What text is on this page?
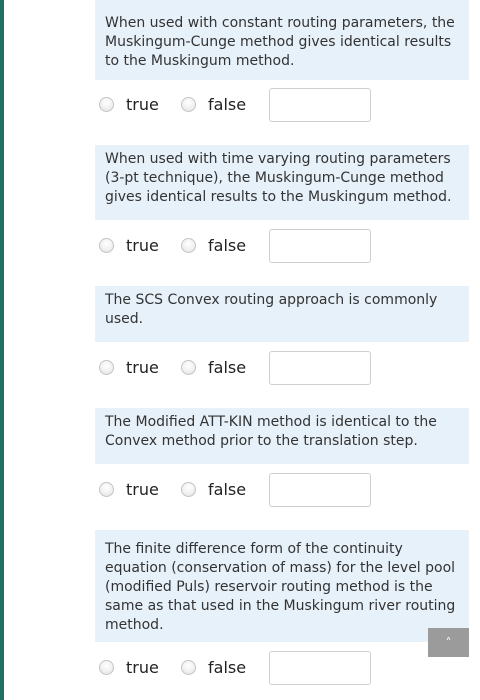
When used with constant routing parameters, the Muskingum-Cunge method gives identical results to the Muskingum method.
true	false
When used with time varying routing parameters (3-pt technique), the Muskingum-Cunge method gives identical results to the Muskingum method.
true	false
The SCS Convex routing approach is commonly used.
true	false
The Modified ATT-KIN method is identical to the Convex method prior to the translation step.
true	false
The finite difference form of the continuity equation (conservation of mass) for the level pool (modified Puls) reservoir routing method is the same as that used in the Muskingum river routing method.
true	false
˄
